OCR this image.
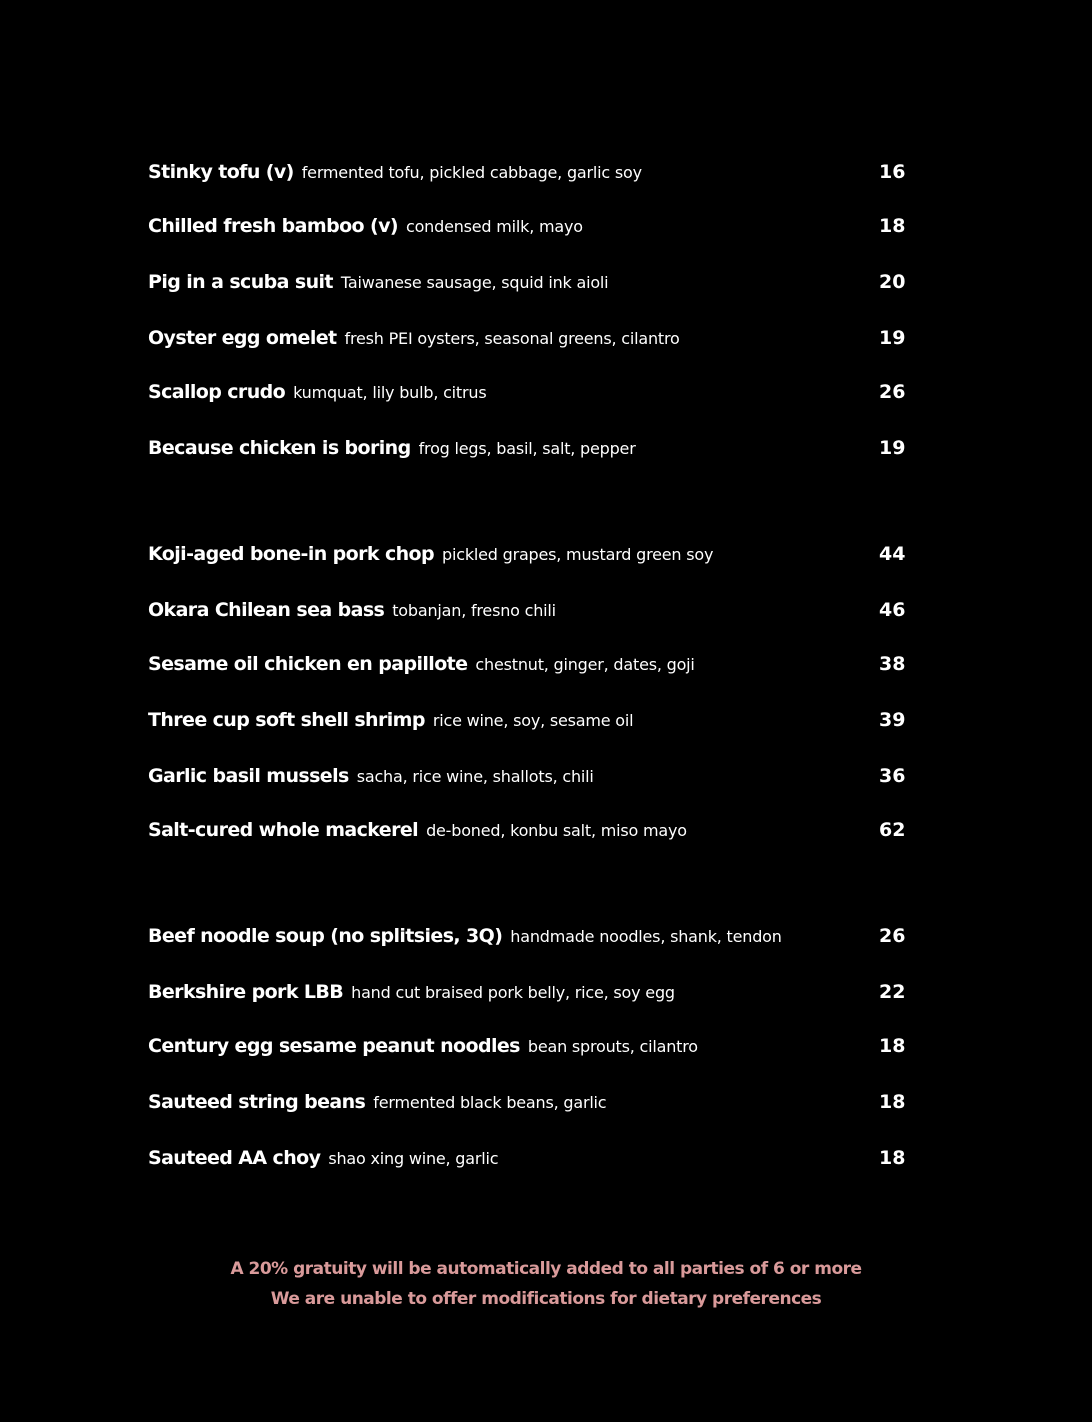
Stinky tofu (v) fermented tofu, pickled cabbage, garlic soy	16
Chilled fresh bamboo (v) condensed milk, mayo	18
Pig in a scuba suit Taiwanese sausage, squid ink aioli	20
Oyster egg omelet fresh PEI oysters, seasonal greens, cilantro	19
Scallop crudo kumquat, lily bulb, citrus	26
Because chicken is boring frog legs, basil, salt, pepper	19
Koji-aged bone-in pork chop pickled grapes, mustard green soy	44
Okara Chilean sea bass tobanjan, fresno chili	46
Sesame oil chicken en papillote chestnut, ginger, dates, goji	38
Three cup soft shell shrimp rice wine, soy, sesame oil	39
Garlic basil mussels sacha, rice wine, shallots, chili	36
Salt-cured whole mackerel de-boned, konbu salt, miso mayo	62
Beef noodle soup (no splitsies, 3Q) handmade noodles, shank, tendon	26
Berkshire pork LBB hand cut braised pork belly, rice, soy egg	22
Century egg sesame peanut noodles bean sprouts, cilantro	18
Sauteed string beans fermented black beans, garlic	18
Sauteed AA choy shao xing wine, garlic	18
A 20% gratuity will be automatically added to all parties of 6 or more
We are unable to offer modifications for dietary preferences
